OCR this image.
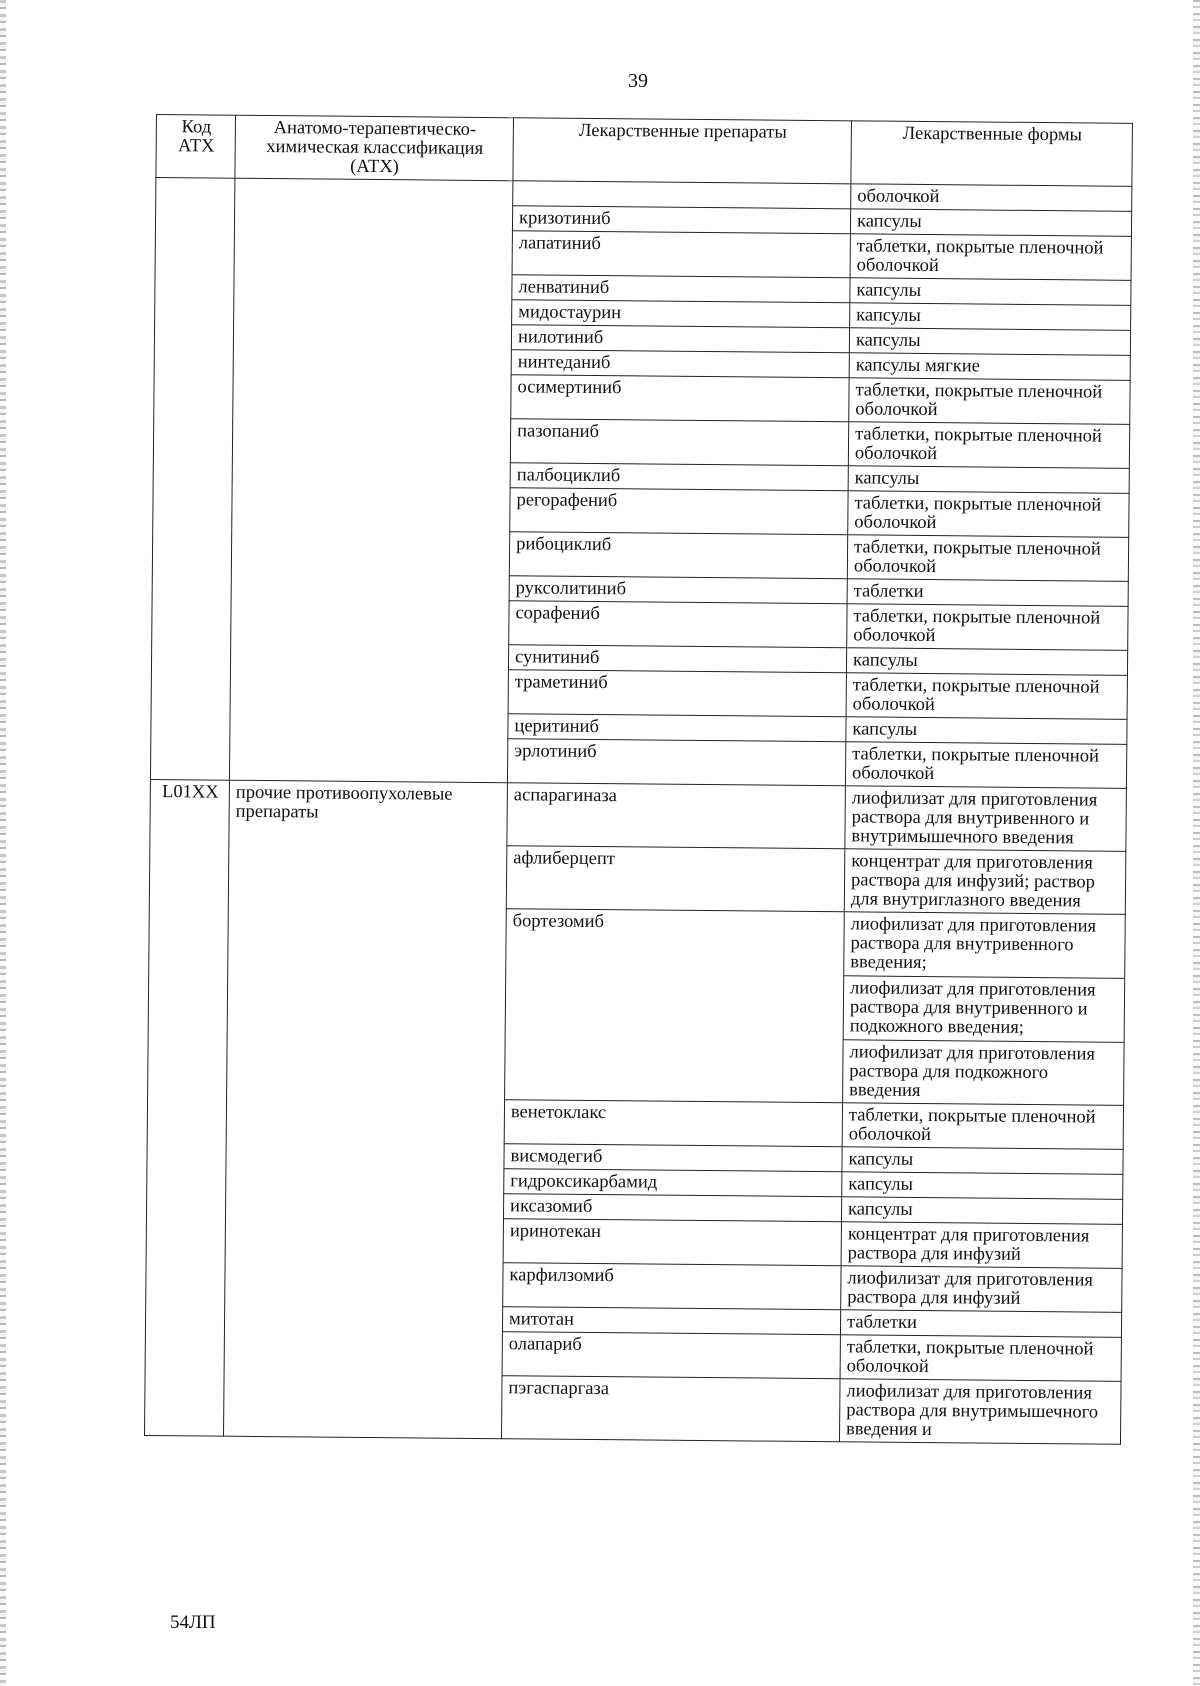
39
Код АТХ	Анатомо-терапевтическо-химическая классификация (АТХ)	Лекарственные препараты	Лекарственные формы
			оболочкой
		кризотиниб	капсулы

		лапатиниб	таблетки, покрытые пленочной оболочкой

		ленватиниб	капсулы

		мидостаурин	капсулы

		нилотиниб	капсулы

		нинтеданиб	капсулы мягкие

		осимертиниб	таблетки, покрытые пленочной оболочкой

		пазопаниб	таблетки, покрытые пленочной оболочкой

		палбоциклиб	капсулы

		регорафениб	таблетки, покрытые пленочной оболочкой

		рибоциклиб	таблетки, покрытые пленочной оболочкой

		руксолитиниб	таблетки

		сорафениб	таблетки, покрытые пленочной оболочкой

		сунитиниб	капсулы

		траметиниб	таблетки, покрытые пленочной оболочкой

		церитиниб	капсулы

		эрлотиниб	таблетки, покрытые пленочной оболочкой

L01XX	прочие противоопухолевые препараты	аспарагиназа	лиофилизат для приготовления раствора для внутривенного и внутримышечного введения

		афлиберцепт	концентрат для приготовления раствора для инфузий; раствор для внутриглазного введения

		бортезомиб	лиофилизат для приготовления раствора для внутривенного введения;
лиофилизат для приготовления раствора для внутривенного и подкожного введения;
лиофилизат для приготовления раствора для подкожного введения

		венетоклакс	таблетки, покрытые пленочной оболочкой

		висмодегиб	капсулы

		гидроксикарбамид	капсулы

		иксазомиб	капсулы

		иринотекан	концентрат для приготовления раствора для инфузий

		карфилзомиб	лиофилизат для приготовления раствора для инфузий

		митотан	таблетки

		олапариб	таблетки, покрытые пленочной оболочкой

		пэгаспаргаза	лиофилизат для приготовления раствора для внутримышечного введения и
54ЛП
